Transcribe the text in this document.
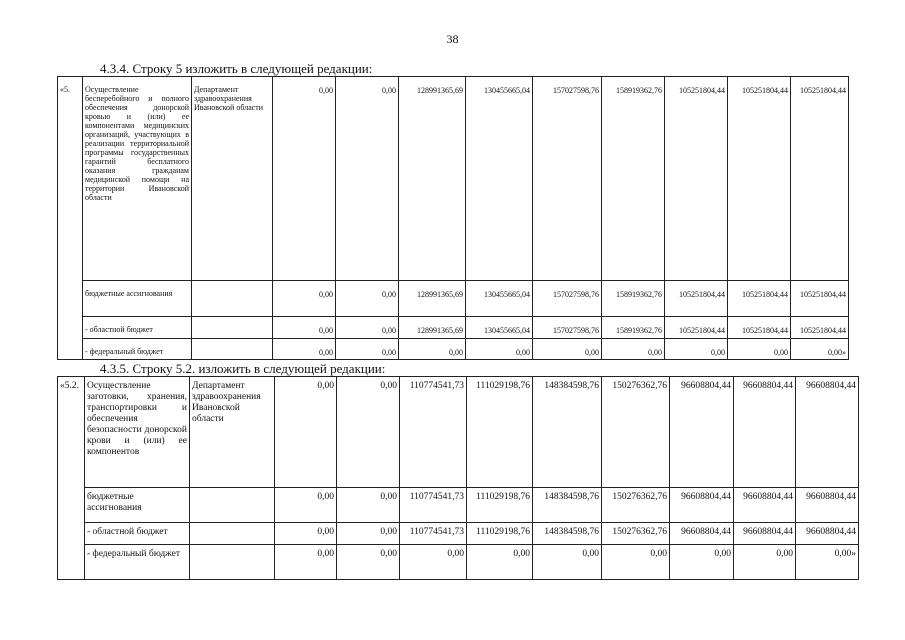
38
4.3.4. Строку 5 изложить в следующей редакции:
«5.	Осуществление бесперебойного и полного обеспечения донорской кровью и (или) ее компонентами медицинских организаций, участвующих в реализации территориальной программы государственных гарантий бесплатного оказания гражданам медицинской помощи на территории Ивановской области	Департамент здравоохранения Ивановской области	0,00	0,00	128991365,69	130455665,04	157027598,76	158919362,76	105251804,44	105251804,44	105251804,44
	бюджетные ассигнования		0,00	0,00	128991365,69	130455665,04	157027598,76	158919362,76	105251804,44	105251804,44	105251804,44
	- областной бюджет		0,00	0,00	128991365,69	130455665,04	157027598,76	158919362,76	105251804,44	105251804,44	105251804,44
	- федеральный бюджет		0,00	0,00	0,00	0,00	0,00	0,00	0,00	0,00	0,00»
4.3.5. Строку 5.2. изложить в следующей редакции:
«5.2.	Осуществление заготовки, хранения, транспортировки и обеспечения безопасности донорской крови и (или) ее компонентов	Департамент здравоохранения Ивановской области	0,00	0,00	110774541,73	111029198,76	148384598,76	150276362,76	96608804,44	96608804,44	96608804,44
	бюджетные ассигнования		0,00	0,00	110774541,73	111029198,76	148384598,76	150276362,76	96608804,44	96608804,44	96608804,44
	- областной бюджет		0,00	0,00	110774541,73	111029198,76	148384598,76	150276362,76	96608804,44	96608804,44	96608804,44
	- федеральный бюджет		0,00	0,00	0,00	0,00	0,00	0,00	0,00	0,00	0,00»
